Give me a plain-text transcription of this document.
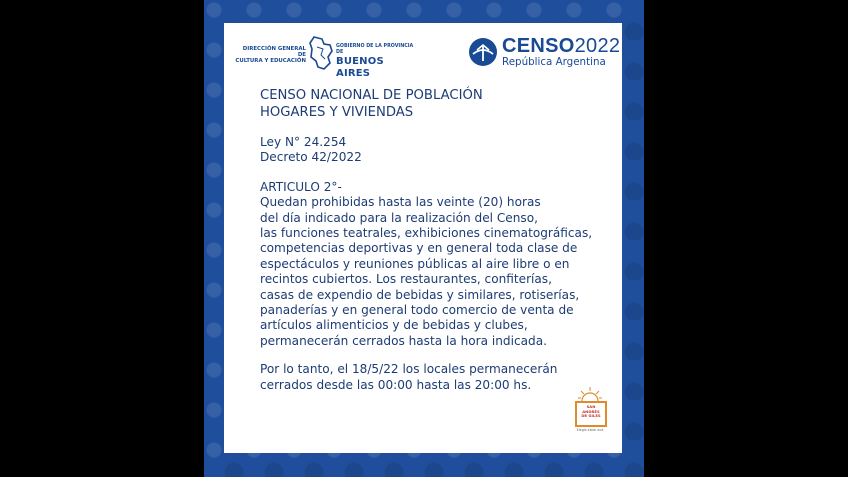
DIRECCIÓN GENERAL DE
CULTURA Y EDUCACIÓN
GOBIERNO DE LA PROVINCIA DE
BUENOS AIRES
CENSO2022
República Argentina
CENSO NACIONAL DE POBLACIÓN
HOGARES Y VIVIENDAS
Ley N° 24.254
Decreto 42/2022
ARTICULO 2°-
Quedan prohibidas hasta las veinte (20) horas
del día indicado para la realización del Censo,
las funciones teatrales, exhibiciones cinematográficas,
competencias deportivas y en general toda clase de
espectáculos y reuniones públicas al aire libre o en
recintos cubiertos. Los restaurantes, confiterías,
casas de expendio de bebidas y similares, rotiserías,
panaderías y en general todo comercio de venta de
artículos alimenticios y de bebidas y clubes,
permanecerán cerrados hasta la hora indicada.
Por lo tanto, el 18/5/22 los locales permanecerán
cerrados desde las 00:00 hasta las 20:00 hs.
SAN
ANDRÉS
DE GILES
Elegís estar acá
